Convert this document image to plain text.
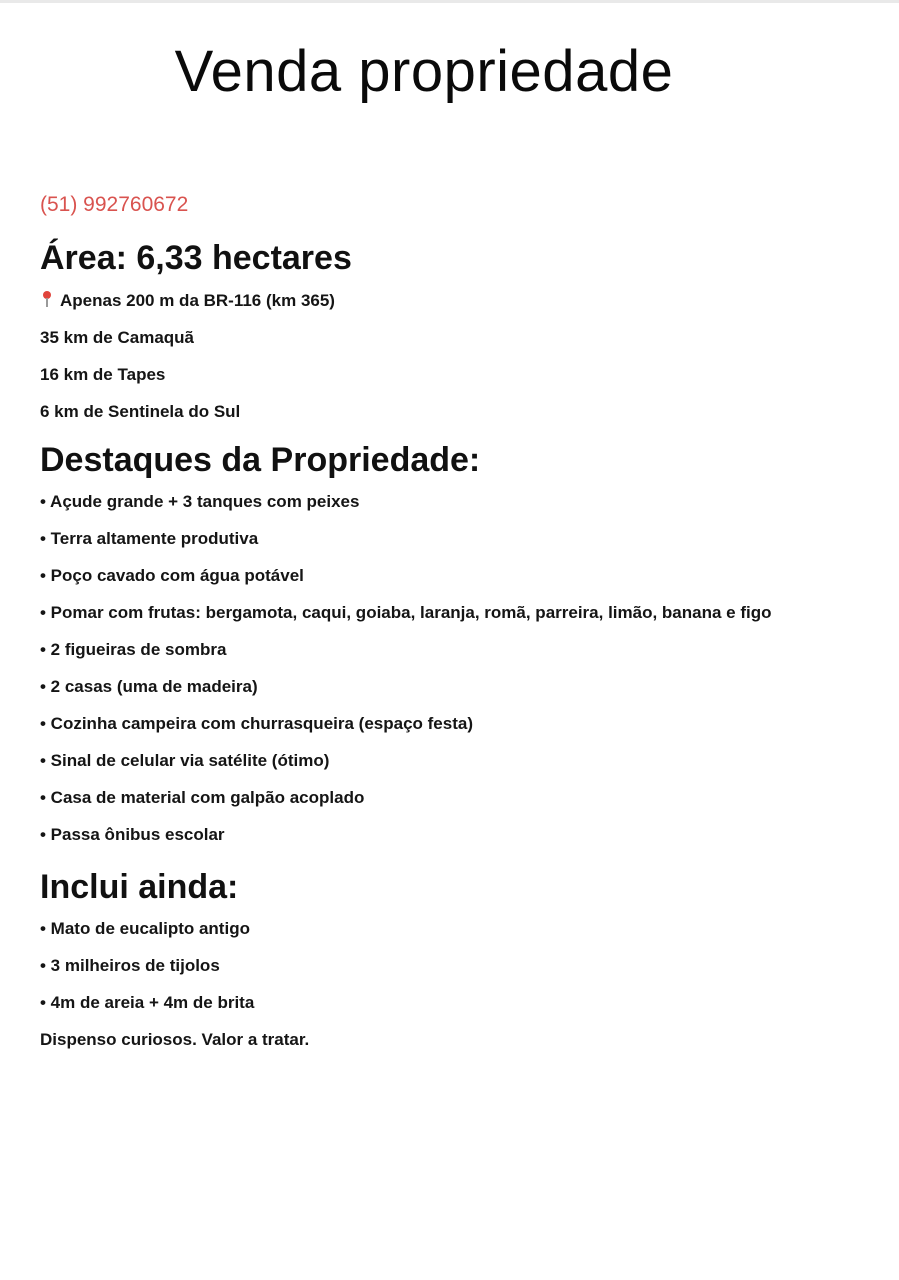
Venda propriedade
(51) 992760672
Área: 6,33 hectares
Apenas 200 m da BR-116 (km 365)
35 km de Camaquã
16 km de Tapes
6 km de Sentinela do Sul
Destaques da Propriedade:
• Açude grande + 3 tanques com peixes
• Terra altamente produtiva
• Poço cavado com água potável
• Pomar com frutas: bergamota, caqui, goiaba, laranja, romã, parreira, limão, banana e figo
• 2 figueiras de sombra
• 2 casas (uma de madeira)
• Cozinha campeira com churrasqueira (espaço festa)
• Sinal de celular via satélite (ótimo)
• Casa de material com galpão acoplado
• Passa ônibus escolar
Inclui ainda:
• Mato de eucalipto antigo
• 3 milheiros de tijolos
• 4m de areia + 4m de brita
Dispenso curiosos. Valor a tratar.
